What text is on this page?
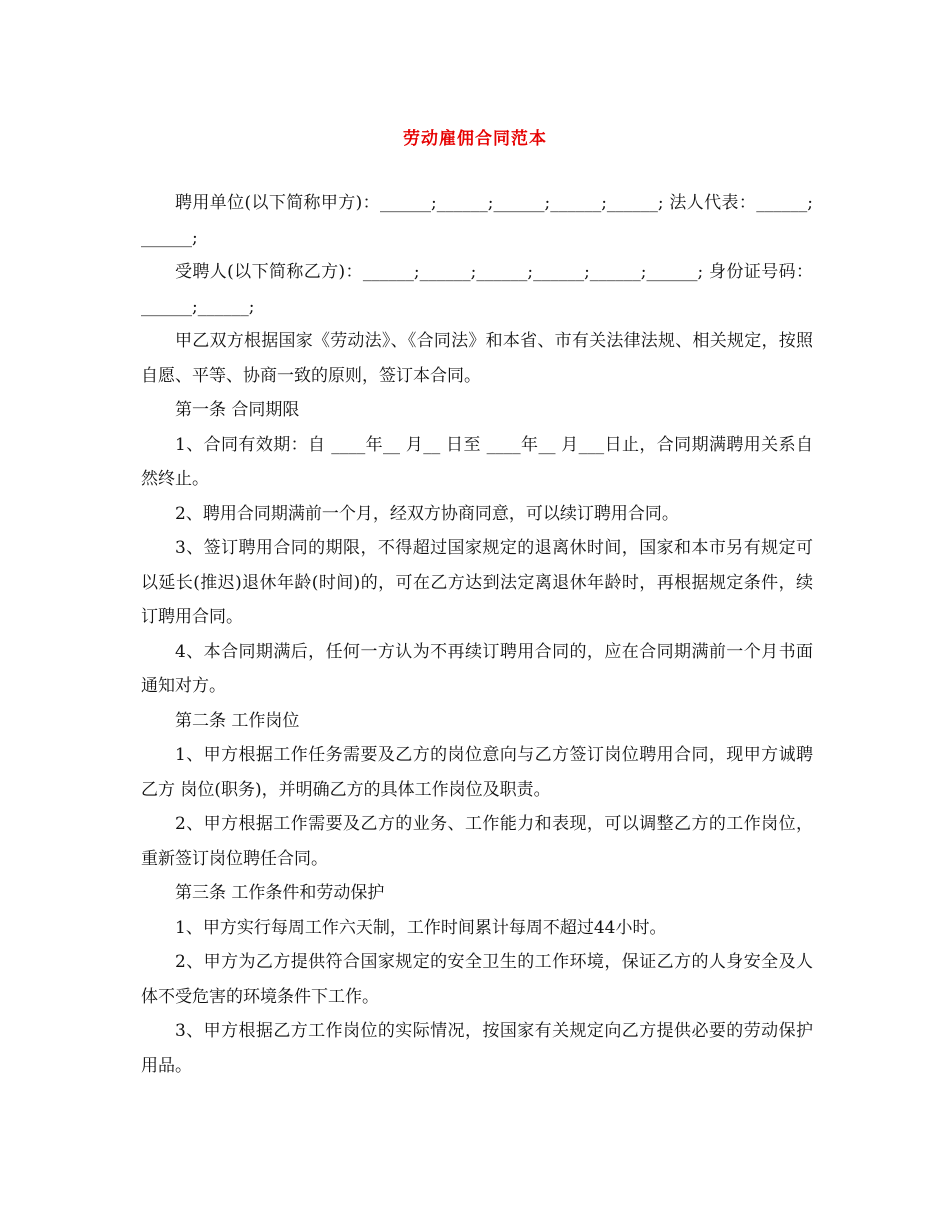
劳动雇佣合同范本

聘用单位(以下简称甲方)：______;______;______;______;______; 法人代表：______;______;

受聘人(以下简称乙方)：______;______;______;______;______;______; 身份证号码： ______;______;

甲乙双方根据国家《劳动法》、《合同法》和本省、市有关法律法规、相关规定，按照自愿、平等、协商一致的原则，签订本合同。

第一条 合同期限

1、合同有效期：自 ____年__ 月__ 日至 ____年__ 月___日止，合同期满聘用关系自然终止。

2、聘用合同期满前一个月，经双方协商同意，可以续订聘用合同。

3、签订聘用合同的期限，不得超过国家规定的退离休时间，国家和本市另有规定可以延长(推迟)退休年龄(时间)的，可在乙方达到法定离退休年龄时，再根据规定条件，续订聘用合同。

4、本合同期满后，任何一方认为不再续订聘用合同的，应在合同期满前一个月书面通知对方。

第二条 工作岗位

1、甲方根据工作任务需要及乙方的岗位意向与乙方签订岗位聘用合同，现甲方诚聘乙方 岗位(职务)，并明确乙方的具体工作岗位及职责。

2、甲方根据工作需要及乙方的业务、工作能力和表现，可以调整乙方的工作岗位，重新签订岗位聘任合同。

第三条 工作条件和劳动保护

1、甲方实行每周工作六天制，工作时间累计每周不超过44小时。

2、甲方为乙方提供符合国家规定的安全卫生的工作环境，保证乙方的人身安全及人体不受危害的环境条件下工作。

3、甲方根据乙方工作岗位的实际情况，按国家有关规定向乙方提供必要的劳动保护用品。
